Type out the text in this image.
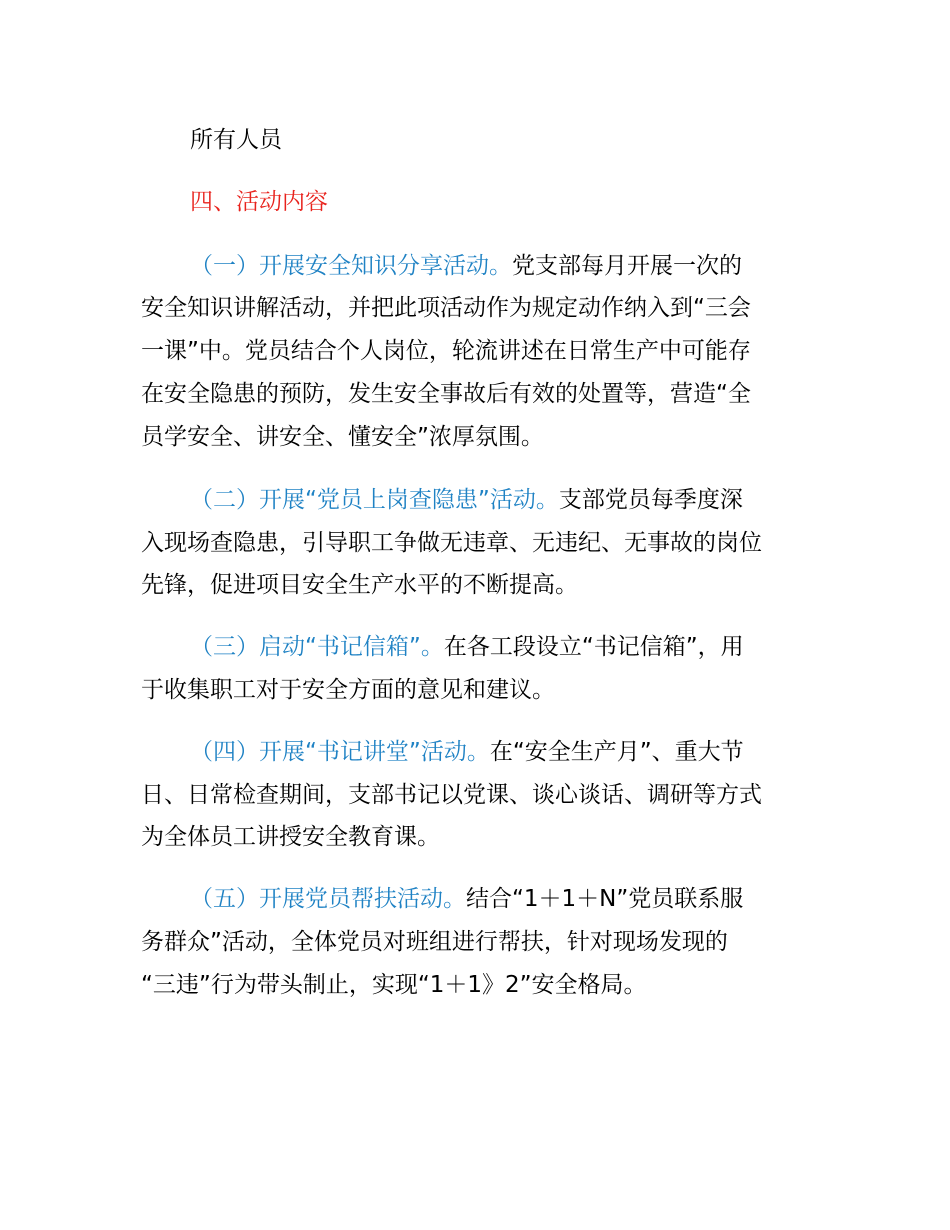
所有人员
四、活动内容
（一）开展安全知识分享活动。党支部每月开展一次的
安全知识讲解活动，并把此项活动作为规定动作纳入到“三会
一课”中。党员结合个人岗位，轮流讲述在日常生产中可能存
在安全隐患的预防，发生安全事故后有效的处置等，营造“全
员学安全、讲安全、懂安全”浓厚氛围。
（二）开展“党员上岗查隐患”活动。支部党员每季度深
入现场查隐患，引导职工争做无违章、无违纪、无事故的岗位
先锋，促进项目安全生产水平的不断提高。
（三）启动“书记信箱”。在各工段设立“书记信箱”，用
于收集职工对于安全方面的意见和建议。
（四）开展“书记讲堂”活动。在“安全生产月”、重大节
日、日常检查期间，支部书记以党课、谈心谈话、调研等方式
为全体员工讲授安全教育课。
（五）开展党员帮扶活动。结合“1＋1＋N”党员联系服
务群众”活动，全体党员对班组进行帮扶，针对现场发现的
“三违”行为带头制止，实现“1＋1》2”安全格局。
